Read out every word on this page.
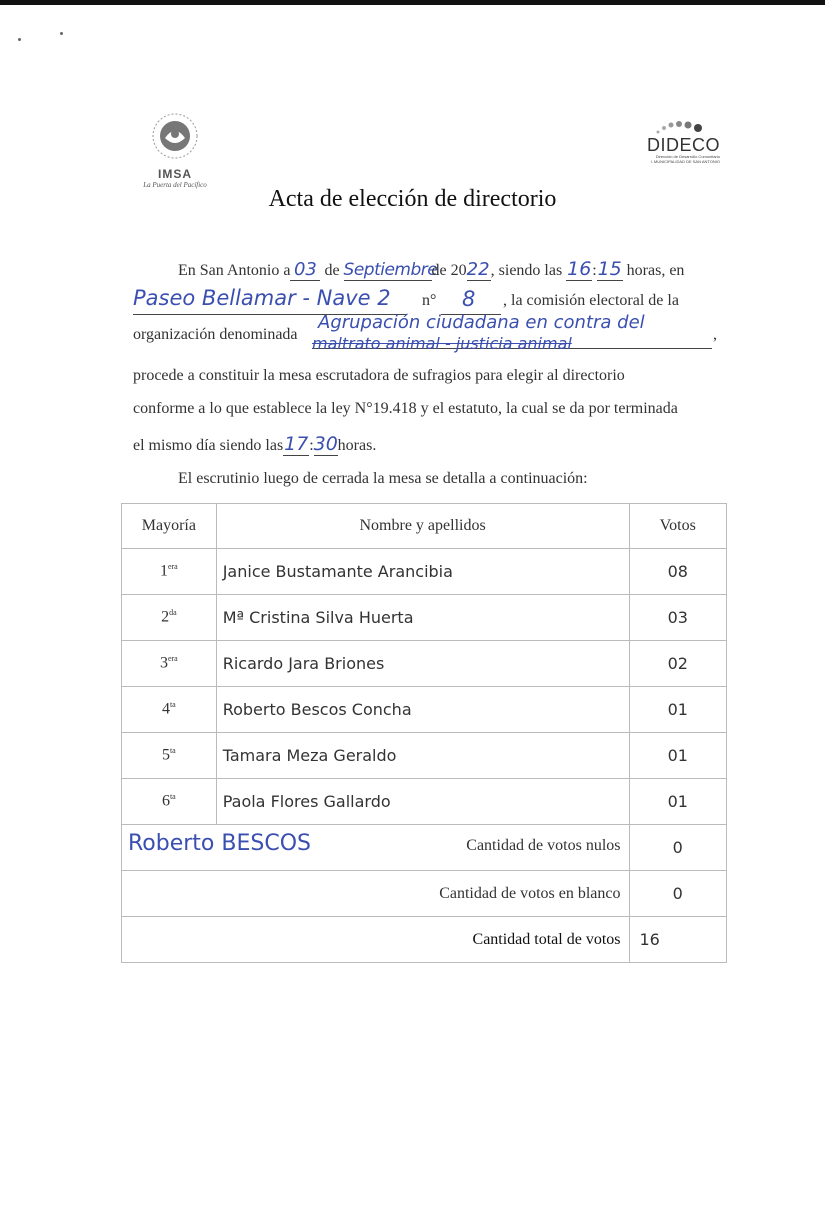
IMSA
La Puerta del Pacífico
DIDECO
Dirección de Desarrollo Comunitario
I. MUNICIPALIDAD DE SAN ANTONIO
Acta de elección de directorio
En San Antonio a 03 de Septiembrede 2022, siendo las 16:15 horas, en
Paseo Bellamar - Nave 2 n° 8 , la comisión electoral de la
Agrupación ciudadana en contra del
organización denominada maltrato animal - justicia animal	,
procede a constituir la mesa escrutadora de sufragios para elegir al directorio
conforme a lo que establece la ley N°19.418 y el estatuto, la cual se da por terminada
el mismo día siendo las17:30horas.
El escrutinio luego de cerrada la mesa se detalla a continuación:
Mayoría	Nombre y apellidos	Votos
$1^{era}$	Janice Bustamante Arancibia	08
$2^{da}$	Mª Cristina Silva Huerta	03
$3^{era}$	Ricardo Jara Briones	02
$4^{ta}$	Roberto Bescos Concha	01
$5^{ta}$	Tamara Meza Geraldo	01
$6^{ta}$	Paola Flores Gallardo	01

Roberto BESCOS Cantidad de votos nulos		0
Cantidad de votos en blanco		0
Cantidad total de votos		16
